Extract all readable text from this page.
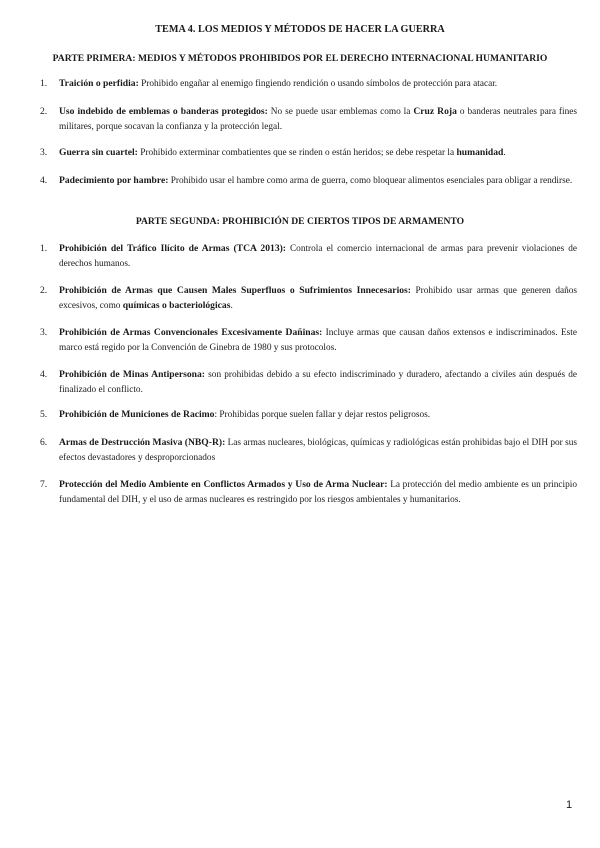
TEMA 4. LOS MEDIOS Y MÉTODOS DE HACER LA GUERRA
PARTE PRIMERA: MEDIOS Y MÉTODOS PROHIBIDOS POR EL DERECHO INTERNACIONAL HUMANITARIO
1. Traición o perfidia: Prohibido engañar al enemigo fingiendo rendición o usando símbolos de protección para atacar.
2. Uso indebido de emblemas o banderas protegidos: No se puede usar emblemas como la Cruz Roja o banderas neutrales para fines militares, porque socavan la confianza y la protección legal.
3. Guerra sin cuartel: Prohibido exterminar combatientes que se rinden o están heridos; se debe respetar la humanidad.
4. Padecimiento por hambre: Prohibido usar el hambre como arma de guerra, como bloquear alimentos esenciales para obligar a rendirse.
PARTE SEGUNDA: PROHIBICIÓN DE CIERTOS TIPOS DE ARMAMENTO
1. Prohibición del Tráfico Ilícito de Armas (TCA 2013): Controla el comercio internacional de armas para prevenir violaciones de derechos humanos.
2. Prohibición de Armas que Causen Males Superfluos o Sufrimientos Innecesarios: Prohibido usar armas que generen daños excesivos, como químicas o bacteriológicas.
3. Prohibición de Armas Convencionales Excesivamente Dañinas: Incluye armas que causan daños extensos e indiscriminados. Este marco está regido por la Convención de Ginebra de 1980 y sus protocolos.
4. Prohibición de Minas Antipersona: son prohibidas debido a su efecto indiscriminado y duradero, afectando a civiles aún después de finalizado el conflicto.
5. Prohibición de Municiones de Racimo: Prohibidas porque suelen fallar y dejar restos peligrosos.
6. Armas de Destrucción Masiva (NBQ-R): Las armas nucleares, biológicas, químicas y radiológicas están prohibidas bajo el DIH por sus efectos devastadores y desproporcionados
7. Protección del Medio Ambiente en Conflictos Armados y Uso de Arma Nuclear: La protección del medio ambiente es un principio fundamental del DIH, y el uso de armas nucleares es restringido por los riesgos ambientales y humanitarios.
1
